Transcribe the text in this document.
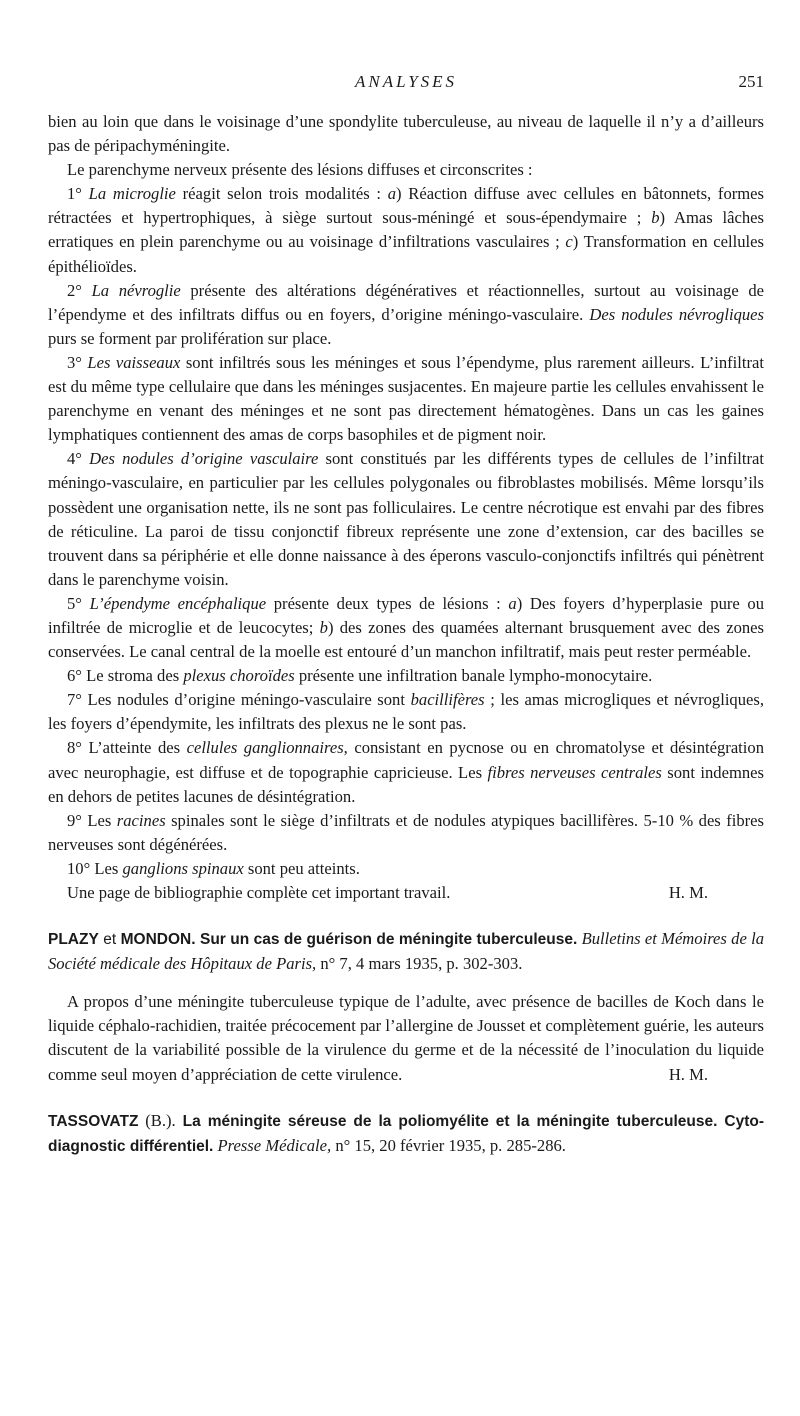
ANALYSES	251

bien au loin que dans le voisinage d’une spondylite tuberculeuse, au niveau de laquelle il n’y a d’ailleurs pas de péripachyméningite.

Le parenchyme nerveux présente des lésions diffuses et circonscrites :

1° La microglie réagit selon trois modalités : a) Réaction diffuse avec cellules en bâtonnets, formes rétractées et hypertrophiques, à siège surtout sous-méningé et sous-épendymaire ; b) Amas lâches erratiques en plein parenchyme ou au voisinage d’infiltrations vasculaires ; c) Transformation en cellules épithélioïdes.

2° La névroglie présente des altérations dégénératives et réactionnelles, surtout au voisinage de l’épendyme et des infiltrats diffus ou en foyers, d’origine méningo-vasculaire. Des nodules névrogliques purs se forment par prolifération sur place.

3° Les vaisseaux sont infiltrés sous les méninges et sous l’épendyme, plus rarement ailleurs. L’infiltrat est du même type cellulaire que dans les méninges susjacentes. En majeure partie les cellules envahissent le parenchyme en venant des méninges et ne sont pas directement hématogènes. Dans un cas les gaines lymphatiques contiennent des amas de corps basophiles et de pigment noir.

4° Des nodules d’origine vasculaire sont constitués par les différents types de cellules de l’infiltrat méningo-vasculaire, en particulier par les cellules polygonales ou fibroblastes mobilisés. Même lorsqu’ils possèdent une organisation nette, ils ne sont pas folliculaires. Le centre nécrotique est envahi par des fibres de réticuline. La paroi de tissu conjonctif fibreux représente une zone d’extension, car des bacilles se trouvent dans sa périphérie et elle donne naissance à des éperons vasculo-conjonctifs infiltrés qui pénètrent dans le parenchyme voisin.

5° L’épendyme encéphalique présente deux types de lésions : a) Des foyers d’hyperplasie pure ou infiltrée de microglie et de leucocytes; b) des zones des quamées alternant brusquement avec des zones conservées. Le canal central de la moelle est entouré d’un manchon infiltratif, mais peut rester perméable.

6° Le stroma des plexus choroïdes présente une infiltration banale lympho-monocytaire.

7° Les nodules d’origine méningo-vasculaire sont bacillifères ; les amas microgliques et névrogliques, les foyers d’épendymite, les infiltrats des plexus ne le sont pas.

8° L’atteinte des cellules ganglionnaires, consistant en pycnose ou en chromatolyse et désintégration avec neurophagie, est diffuse et de topographie capricieuse. Les fibres nerveuses centrales sont indemnes en dehors de petites lacunes de désintégration.

9° Les racines spinales sont le siège d’infiltrats et de nodules atypiques bacillifères. 5-10 % des fibres nerveuses sont dégénérées.

10° Les ganglions spinaux sont peu atteints.

Une page de bibliographie complète cet important travail.	H. M.

PLAZY et MONDON. Sur un cas de guérison de méningite tuberculeuse. Bulletins et Mémoires de la Société médicale des Hôpitaux de Paris, n° 7, 4 mars 1935, p. 302-303.

A propos d’une méningite tuberculeuse typique de l’adulte, avec présence de bacilles de Koch dans le liquide céphalo-rachidien, traitée précocement par l’allergine de Jousset et complètement guérie, les auteurs discutent de la variabilité possible de la virulence du germe et de la nécessité de l’inoculation du liquide comme seul moyen d’appréciation de cette virulence.	H. M.

TASSOVATZ (B.). La méningite séreuse de la poliomyélite et la méningite tuberculeuse. Cyto-diagnostic différentiel. Presse Médicale, n° 15, 20 février 1935, p. 285-286.
